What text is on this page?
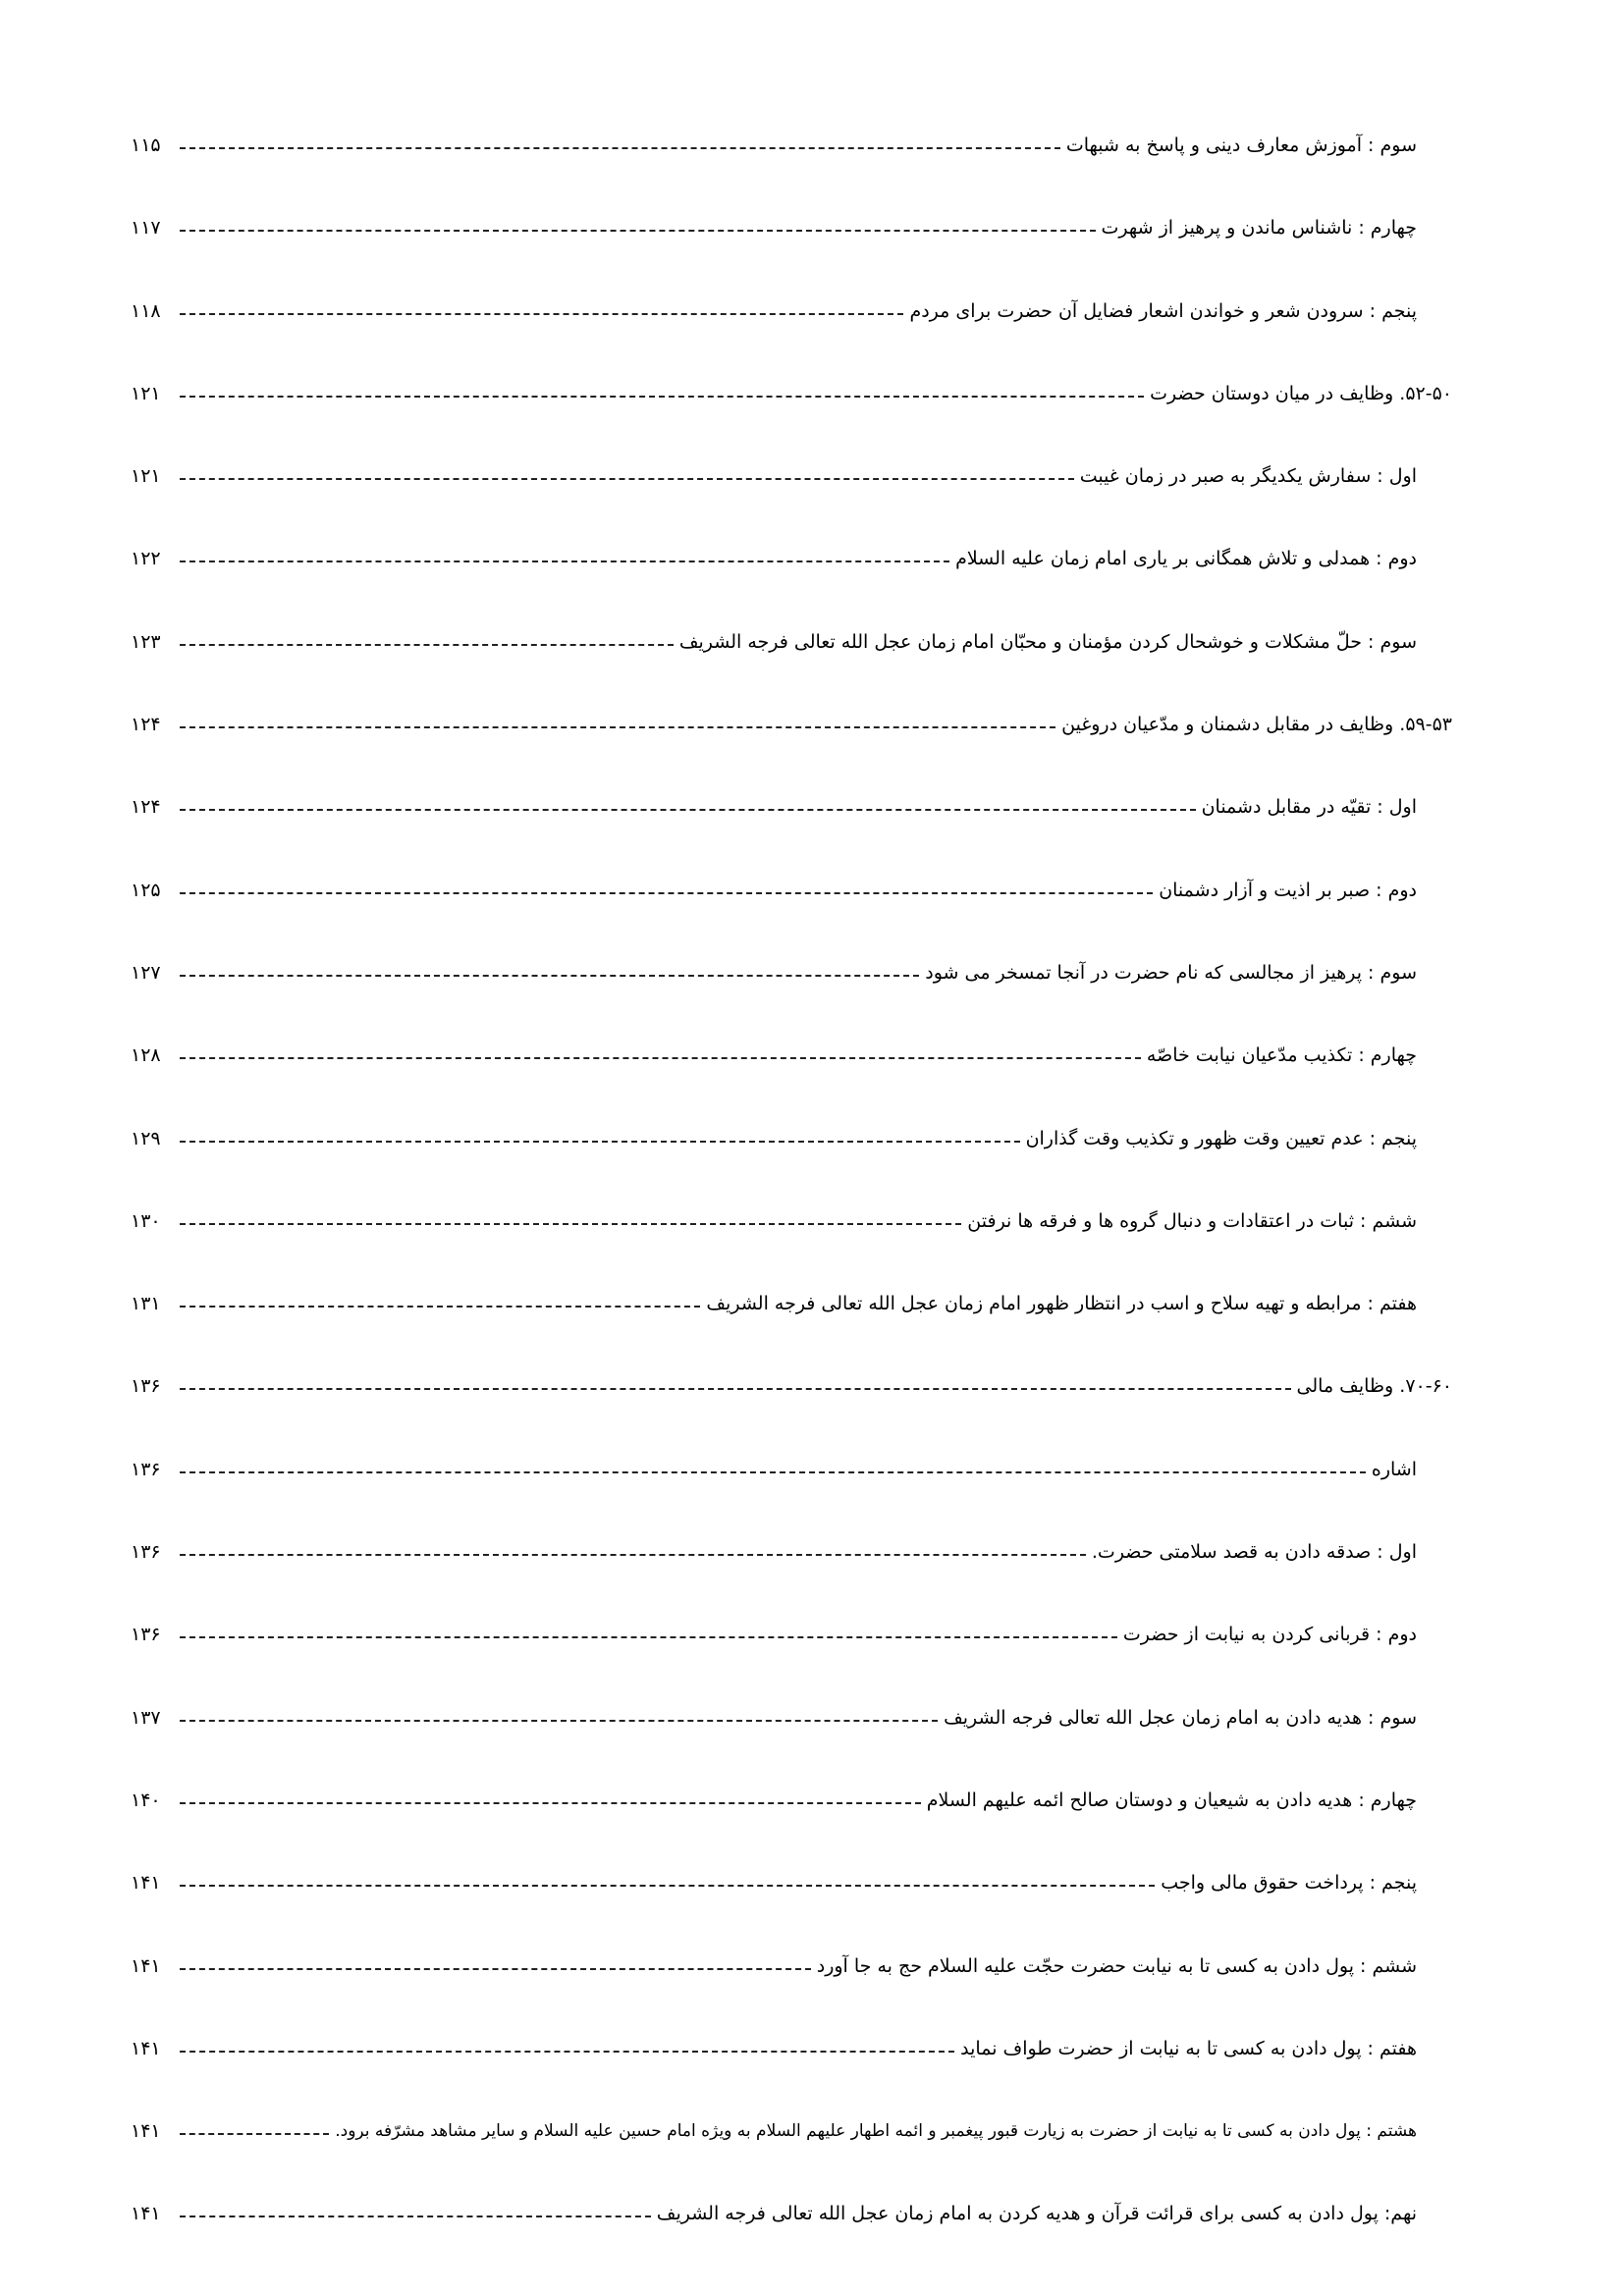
سوم : آموزش معارف دینی و پاسخ به شبهات
۱۱۵
چهارم : ناشناس ماندن و پرهیز از شهرت
۱۱۷
پنجم : سرودن شعر و خواندن اشعار فضایل آن حضرت برای مردم
۱۱۸
۵۲-۵۰. وظایف در میان دوستان حضرت
۱۲۱
اول : سفارش یکدیگر به صبر در زمان غیبت
۱۲۱
دوم : همدلی و تلاش همگانی بر یاری امام زمان علیه السلام
۱۲۲
سوم : حلّ مشکلات و خوشحال کردن مؤمنان و محبّان امام زمان عجل الله تعالی فرجه الشریف
۱۲۳
۵۹-۵۳. وظایف در مقابل دشمنان و مدّعیان دروغین
۱۲۴
اول : تقیّه در مقابل دشمنان
۱۲۴
دوم : صبر بر اذیت و آزار دشمنان
۱۲۵
سوم : پرهیز از مجالسی که نام حضرت در آنجا تمسخر می شود
۱۲۷
چهارم : تکذیب مدّعیان نیابت خاصّه
۱۲۸
پنجم : عدم تعیین وقت ظهور و تکذیب وقت گذاران
۱۲۹
ششم : ثبات در اعتقادات و دنبال گروه ها و فرقه ها نرفتن
۱۳۰
هفتم : مرابطه و تهیه سلاح و اسب در انتظار ظهور امام زمان عجل الله تعالی فرجه الشریف
۱۳۱
۷۰-۶۰. وظایف مالی
۱۳۶
اشاره
۱۳۶
اول : صدقه دادن به قصد سلامتی حضرت.
۱۳۶
دوم : قربانی کردن به نیابت از حضرت
۱۳۶
سوم : هدیه دادن به امام زمان عجل الله تعالی فرجه الشریف
۱۳۷
چهارم : هدیه دادن به شیعیان و دوستان صالح ائمه علیهم السلام
۱۴۰
پنجم : پرداخت حقوق مالی واجب
۱۴۱
ششم : پول دادن به کسی تا به نیابت حضرت حجّت علیه السلام حج به جا آورد
۱۴۱
هفتم : پول دادن به کسی تا به نیابت از حضرت طواف نماید
۱۴۱
هشتم : پول دادن به کسی تا به نیابت از حضرت به زیارت قبور پیغمبر و ائمه اطهار علیهم السلام به ویژه امام حسین علیه السلام و سایر مشاهد مشرّفه برود.
۱۴۱
نهم: پول دادن به کسی برای قرائت قرآن و هدیه کردن به امام زمان عجل الله تعالی فرجه الشریف
۱۴۱
